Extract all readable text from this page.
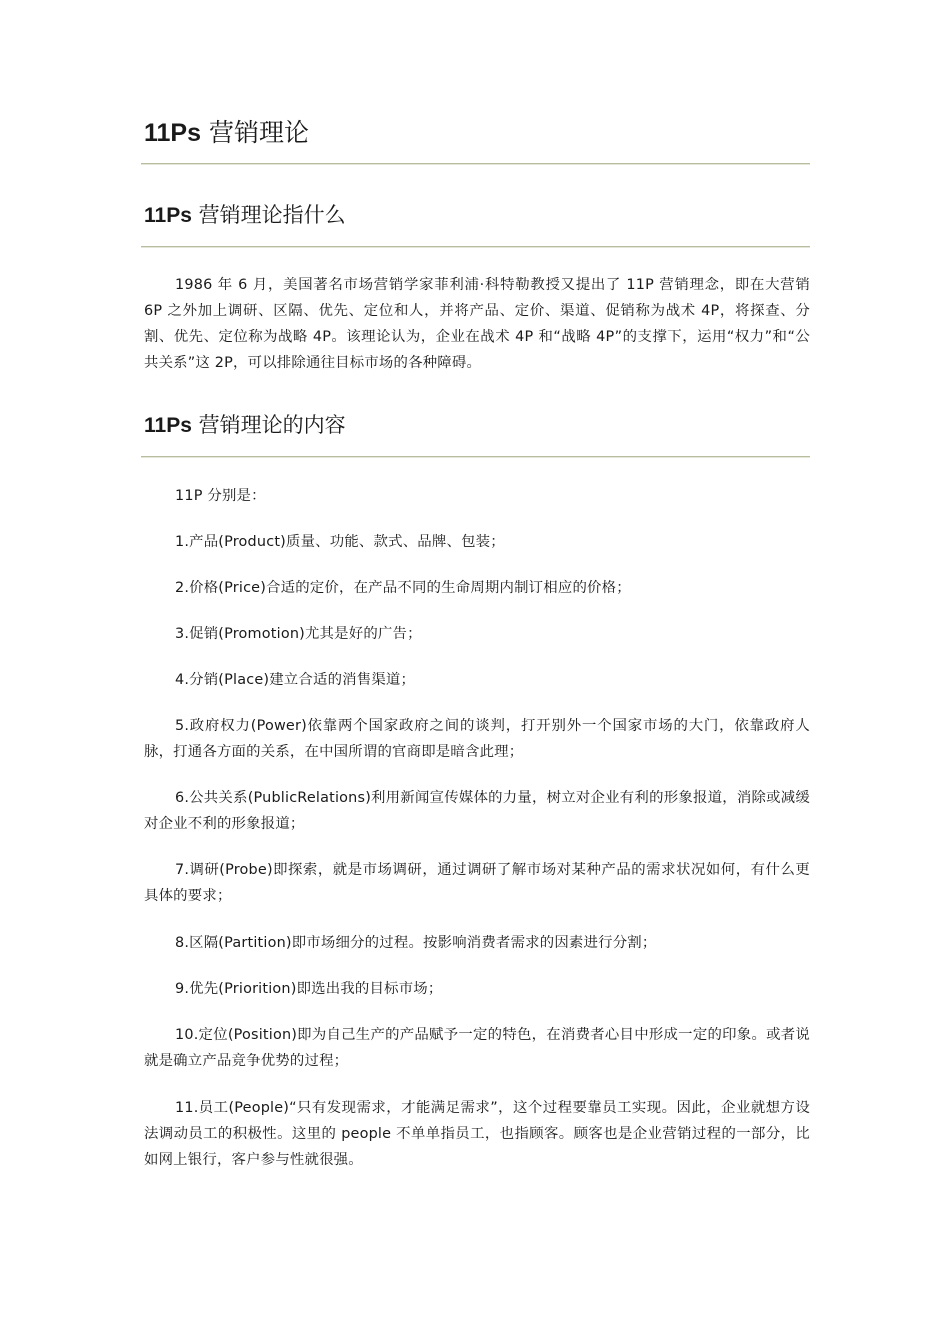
11Ps 营销理论
11Ps 营销理论指什么

1986 年 6 月，美国著名市场营销学家菲利浦·科特勒教授又提出了 11P 营销理念，即在大营销 6P 之外加上调研、区隔、优先、定位和人，并将产品、定价、渠道、促销称为战术 4P，将探查、分割、优先、定位称为战略 4P。该理论认为，企业在战术 4P 和“战略 4P”的支撑下，运用“权力”和“公共关系”这 2P，可以排除通往目标市场的各种障碍。

11Ps 营销理论的内容

11P 分别是：

1.产品(Product)质量、功能、款式、品牌、包装；

2.价格(Price)合适的定价，在产品不同的生命周期内制订相应的价格；

3.促销(Promotion)尤其是好的广告；

4.分销(Place)建立合适的消售渠道；

5.政府权力(Power)依靠两个国家政府之间的谈判，打开别外一个国家市场的大门，依靠政府人脉，打通各方面的关系，在中国所谓的官商即是暗含此理；

6.公共关系(PublicRelations)利用新闻宣传媒体的力量，树立对企业有利的形象报道，消除或减缓对企业不利的形象报道；

7.调研(Probe)即探索，就是市场调研，通过调研了解市场对某种产品的需求状况如何，有什么更具体的要求；

8.区隔(Partition)即市场细分的过程。按影响消费者需求的因素进行分割；

9.优先(Priorition)即选出我的目标市场；

10.定位(Position)即为自己生产的产品赋予一定的特色，在消费者心目中形成一定的印象。或者说就是确立产品竞争优势的过程；

11.员工(People)“只有发现需求，才能满足需求”，这个过程要靠员工实现。因此，企业就想方设法调动员工的积极性。这里的 people 不单单指员工，也指顾客。顾客也是企业营销过程的一部分，比如网上银行，客户参与性就很强。
